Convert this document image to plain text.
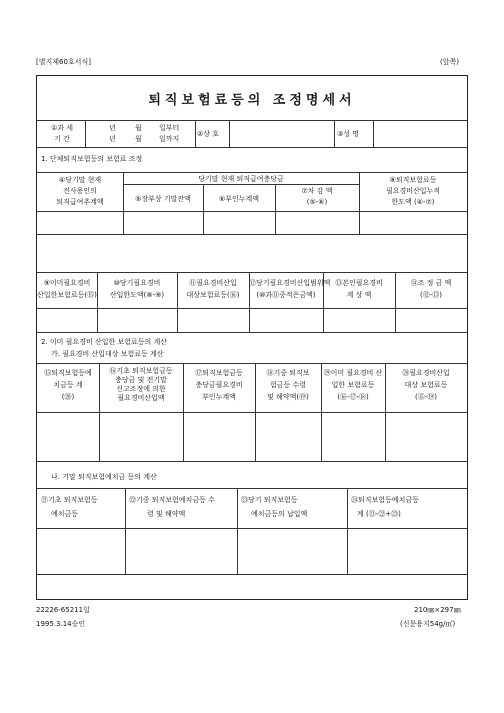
[별지제60호서식]	(앞쪽)
퇴직보험료등의 조정명세서
①과 세
기 간
년	월 일부터
년	월 일까지
②상 호	③성 명
1. 단체퇴직보험등의 보험료 조정
④당기말 현재
전사용인의
퇴직급여추계액
당기말 현재 퇴직급여충당금
⑤장부상 기말잔액	⑥부인누계액
⑦차 감 액
(⑤-⑥)
⑧퇴직보험료등
필요경비산입누적
한도액 (④-⑦)
⑨이미필요경비
산입한보험료등(⑮)
⑩당기필요경비
산입한도액(⑧-⑨)
⑪필요경비산입
대상보험료등(⑯)
⑫당기필요경비산입범위액
(⑩과⑪중적은금액)
⑬본인필요경비
계 상 액
⑭조 정 금 액
(⑫-⑬)
2. 이미 필요경비 산입한 보험료등의 계산
가. 필요경비 산입대상 보험료등 계산
⑮퇴직보험등예
치금등 계
(⑳)
⑯기초 퇴직보험금등
충당금 및 전기말
신고조정에 의한
필요경비산입액
⑰퇴직보험금등
충당금필요경비
부인누계액
⑱기중 퇴직보
험금등 수령
및 해약액(⑲)
⑲이미 필요경비 산
입한 보험료등
(⑯-⑰-⑱)
⑳필요경비산입
대상 보험료등
(⑮-⑲)
나. 기말 퇴직보험예치금 등의 계산
㉑기초 퇴직보험등
예치금등
㉒기중 퇴직보험예치금등 수
령 및 해약액
㉓당기 퇴직보험등
예치금등의 납입액
㉔퇴직보험등예치금등
계 (㉑-㉒+㉓)
22226-65211일
1995.3.14승인
210㎜×297㎜
(신문용지54g/㎡)
